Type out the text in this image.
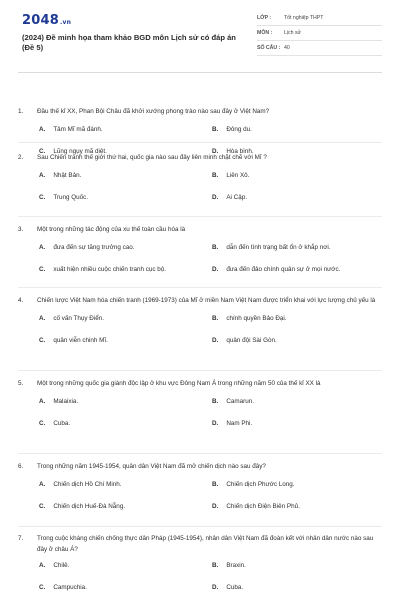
2048.vn
(2024) Đề minh họa tham khảo BGD môn Lịch sử có đáp án (Đề 5)
LỚP : Tốt nghiệp THPT
MÔN : Lịch sử
SỐ CÂU : 40
1. Đầu thế kỉ XX, Phan Bội Châu đã khởi xướng phong trào nào sau đây ở Việt Nam?
A. Tâm Mĩ mã đánh.	B. Đông du.
C. Lũng ngụy mã diệt.	D. Hòa bình.
2. Sau Chiến tranh thế giới thứ hai, quốc gia nào sau đây liên minh chặt chẽ với Mĩ ?
A. Nhật Bản.	B. Liên Xô.
C. Trung Quốc.	D. Ai Cập.
3. Một trong những tác động của xu thế toàn cầu hóa là
A. đưa đến sự tăng trưởng cao.	B. dẫn đến tình trạng bất ổn ở khắp nơi.
C. xuất hiện nhiều cuộc chiến tranh cục bộ.	D. đưa đến đảo chính quân sự ở mọi nước.
4. Chiến lược Việt Nam hóa chiến tranh (1969-1973) của Mĩ ở miền Nam Việt Nam được triển khai với lực lượng chủ yếu là
A. cố vấn Thụy Điển.	B. chính quyền Bảo Đại.
C. quân viễn chinh Mĩ.	D. quân đội Sài Gòn.
5. Một trong những quốc gia giành độc lập ở khu vực Đông Nam Á trong những năm 50 của thế kỉ XX là
A. Malaixia.	B. Camarun.
C. Cuba.	D. Nam Phi.
6. Trong những năm 1945-1954, quân dân Việt Nam đã mở chiến dịch nào sau đây?
A. Chiến dịch Hồ Chí Minh.	B. Chiến dịch Phước Long.
C. Chiến dịch Huế-Đà Nẵng.	D. Chiến dịch Điện Biên Phủ.
7. Trong cuộc kháng chiến chống thực dân Pháp (1945-1954), nhân dân Việt Nam đã đoàn kết với nhân dân nước nào sau đây ở châu Á?
A. Chilê.	B. Braxin.
C. Campuchia.	D. Cuba.
